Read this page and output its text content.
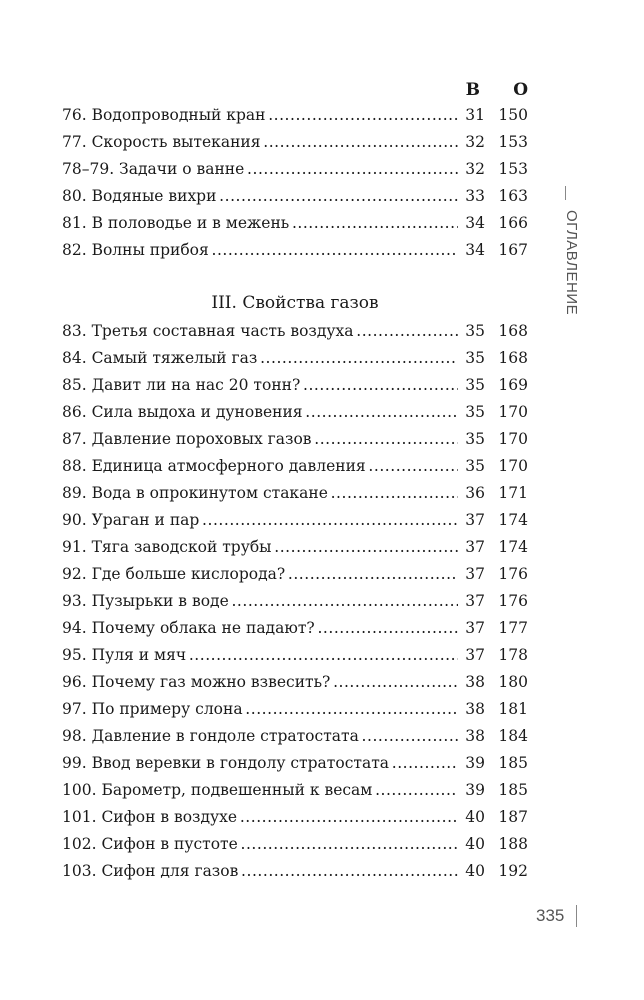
В	О
76. Водопроводный кран . . .	31 150
77. Скорость вытекания . . .	32 153
78–79. Задачи о ванне . . .	32 153
80. Водяные вихри . . .	33 163
81. В половодье и в межень . . .	34 166
82. Волны прибоя . . .	34 167
III. Свойства газов
83. Третья составная часть воздуха . . .	35 168
84. Самый тяжелый газ . . .	35 168
85. Давит ли на нас 20 тонн? . . .	35 169
86. Сила выдоха и дуновения . . .	35 170
87. Давление пороховых газов . . .	35 170
88. Единица атмосферного давления . . .	35 170
89. Вода в опрокинутом стакане . . .	36 171
90. Ураган и пар . . .	37 174
91. Тяга заводской трубы . . .	37 174
92. Где больше кислорода? . . .	37 176
93. Пузырьки в воде . . .	37 176
94. Почему облака не падают? . . .	37 177
95. Пуля и мяч . . .	37 178
96. Почему газ можно взвесить? . . .	38 180
97. По примеру слона . . .	38 181
98. Давление в гондоле стратостата . . .	38 184
99. Ввод веревки в гондолу стратостата . . .	39 185
100. Барометр, подвешенный к весам . . .	39 185
101. Сифон в воздухе . . .	40 187
102. Сифон в пустоте . . .	40 188
103. Сифон для газов . . .	40 192
ОГЛАВЛЕНИЕ
335
